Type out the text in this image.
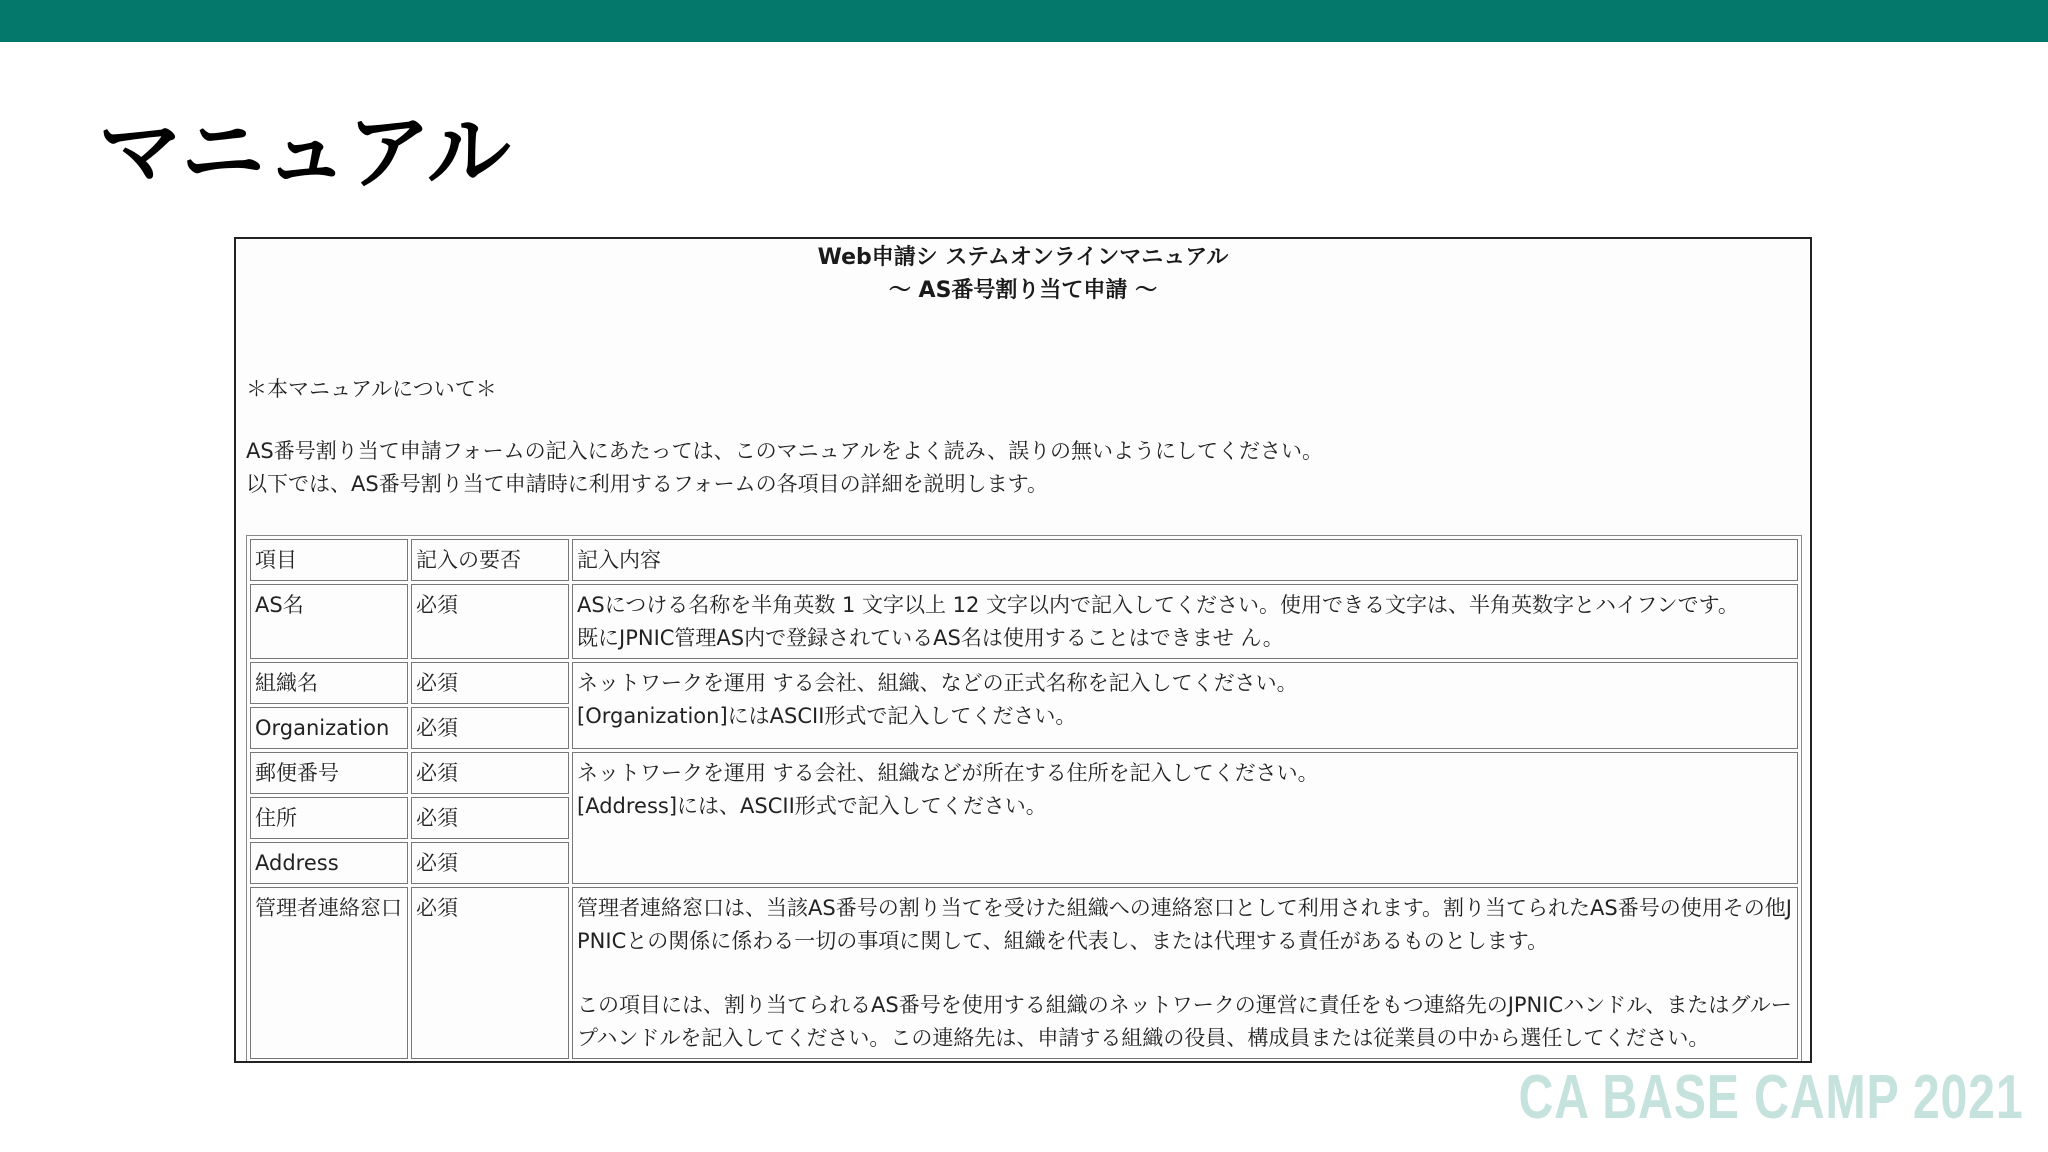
マニュアル
Web申請シ ステムオンラインマニュアル
〜 AS番号割り当て申請 〜
＊本マニュアルについて＊
AS番号割り当て申請フォームの記入にあたっては、このマニュアルをよく読み、誤りの無いようにしてください。
以下では、AS番号割り当て申請時に利用するフォームの各項目の詳細を説明します。
項目	記入の要否	記入内容
AS名	必須	ASにつける名称を半角英数 1 文字以上 12 文字以内で記入してください。使用できる文字は、半角英数字とハイフンです。
既にJPNIC管理AS内で登録されているAS名は使用することはできませ ん。

組織名	必須	ネットワークを運用 する会社、組織、などの正式名称を記入してください。
[Organization]にはASCII形式で記入してください。

Organization	必須	
郵便番号	必須	ネットワークを運用 する会社、組織などが所在する住所を記入してください。
[Address]には、ASCII形式で記入してください。

住所	必須	
Address	必須	
管理者連絡窓口	必須	管理者連絡窓口は、当該AS番号の割り当てを受けた組織への連絡窓口として利用されます。割り当てられたAS番号の使用その他JPNICとの関係に係わる一切の事項に関して、組織を代表し、または代理する責任があるものとします。
この項目には、割り当てられるAS番号を使用する組織のネットワークの運営に責任をもつ連絡先のJPNICハンドル、またはグループハンドルを記入してください。この連絡先は、申請する組織の役員、構成員または従業員の中から選任してください。
CA BASE CAMP 2021
